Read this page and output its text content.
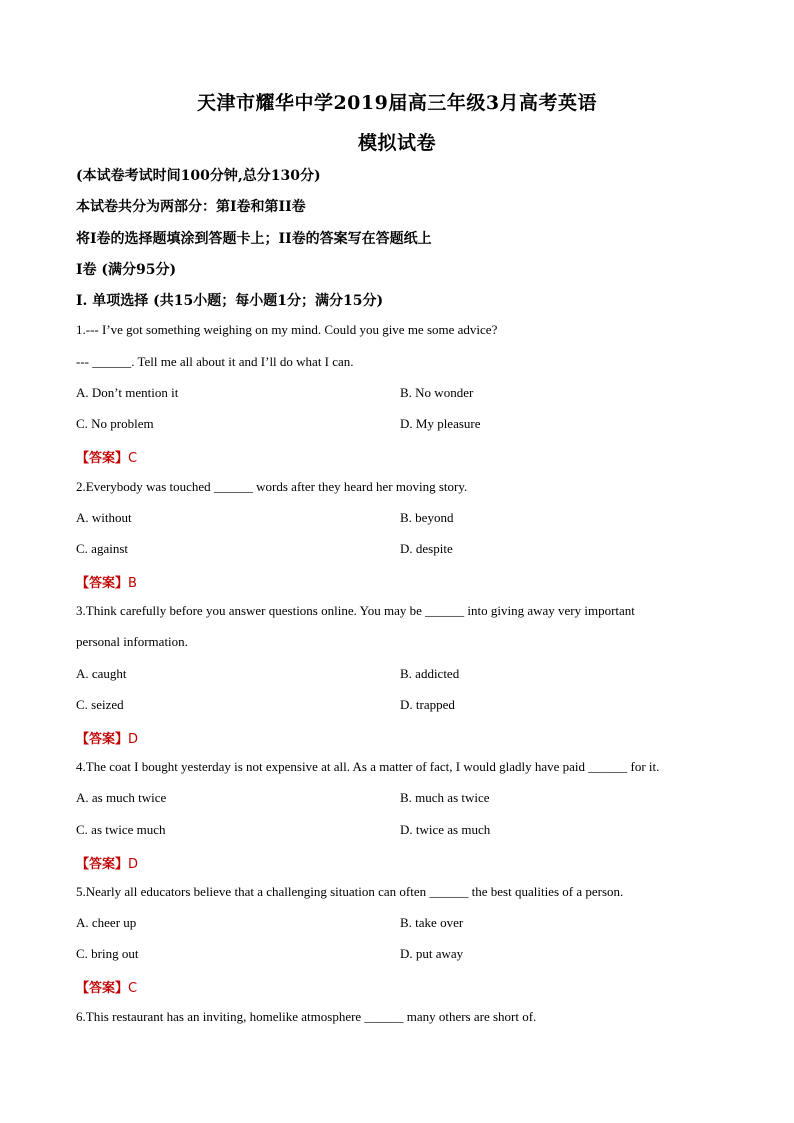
天津市耀华中学2019届高三年级3月高考英语
模拟试卷
(本试卷考试时间100分钟,总分130分)
本试卷共分为两部分：第I卷和第II卷
将I卷的选择题填涂到答题卡上；II卷的答案写在答题纸上
I卷 (满分95分)
I. 单项选择 (共15小题；每小题1分；满分15分)
1.--- I’ve got something weighing on my mind. Could you give me some advice?
--- ______. Tell me all about it and I’ll do what I can.
A. Don’t mention it	B. No wonder
C. No problem	D. My pleasure
【答案】C
2.Everybody was touched ______ words after they heard her moving story.
A. without	B. beyond
C. against	D. despite
【答案】B
3.Think carefully before you answer questions online. You may be ______ into giving away very important
personal information.
A. caught	B. addicted
C. seized	D. trapped
【答案】D
4.The coat I bought yesterday is not expensive at all. As a matter of fact, I would gladly have paid ______ for it.
A. as much twice	B. much as twice
C. as twice much	D. twice as much
【答案】D
5.Nearly all educators believe that a challenging situation can often ______ the best qualities of a person.
A. cheer up	B. take over
C. bring out	D. put away
【答案】C
6.This restaurant has an inviting, homelike atmosphere ______ many others are short of.
